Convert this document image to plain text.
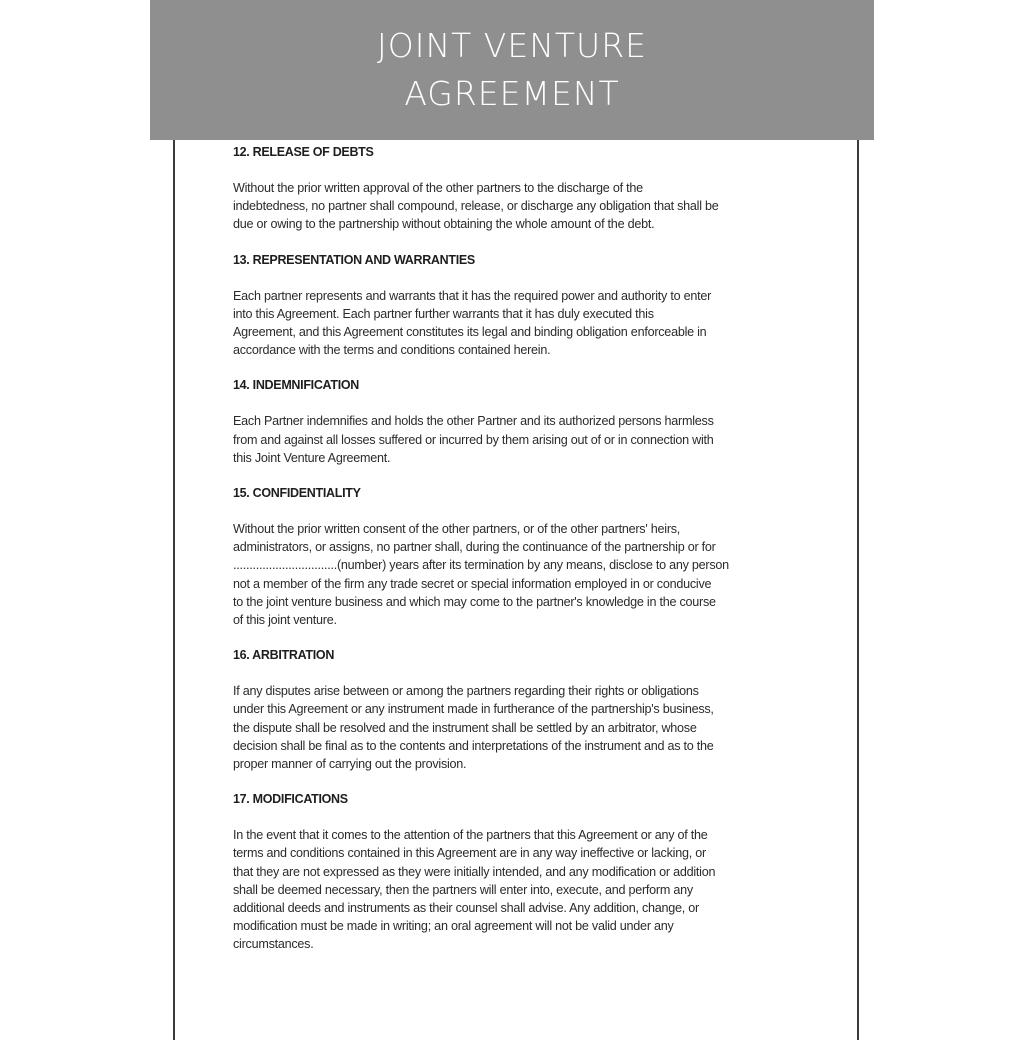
JOINT VENTURE
AGREEMENT
12. RELEASE OF DEBTS
Without the prior written approval of the other partners to the discharge of the
indebtedness, no partner shall compound, release, or discharge any obligation that shall be
due or owing to the partnership without obtaining the whole amount of the debt.
13. REPRESENTATION AND WARRANTIES
Each partner represents and warrants that it has the required power and authority to enter
into this Agreement. Each partner further warrants that it has duly executed this
Agreement, and this Agreement constitutes its legal and binding obligation enforceable in
accordance with the terms and conditions contained herein.
14. INDEMNIFICATION
Each Partner indemnifies and holds the other Partner and its authorized persons harmless
from and against all losses suffered or incurred by them arising out of or in connection with
this Joint Venture Agreement.
15. CONFIDENTIALITY
Without the prior written consent of the other partners, or of the other partners' heirs,
administrators, or assigns, no partner shall, during the continuance of the partnership or for
................................(number) years after its termination by any means, disclose to any person
not a member of the firm any trade secret or special information employed in or conducive
to the joint venture business and which may come to the partner's knowledge in the course
of this joint venture.
16. ARBITRATION
If any disputes arise between or among the partners regarding their rights or obligations
under this Agreement or any instrument made in furtherance of the partnership's business,
the dispute shall be resolved and the instrument shall be settled by an arbitrator, whose
decision shall be final as to the contents and interpretations of the instrument and as to the
proper manner of carrying out the provision.
17. MODIFICATIONS
In the event that it comes to the attention of the partners that this Agreement or any of the
terms and conditions contained in this Agreement are in any way ineffective or lacking, or
that they are not expressed as they were initially intended, and any modification or addition
shall be deemed necessary, then the partners will enter into, execute, and perform any
additional deeds and instruments as their counsel shall advise. Any addition, change, or
modification must be made in writing; an oral agreement will not be valid under any
circumstances.
